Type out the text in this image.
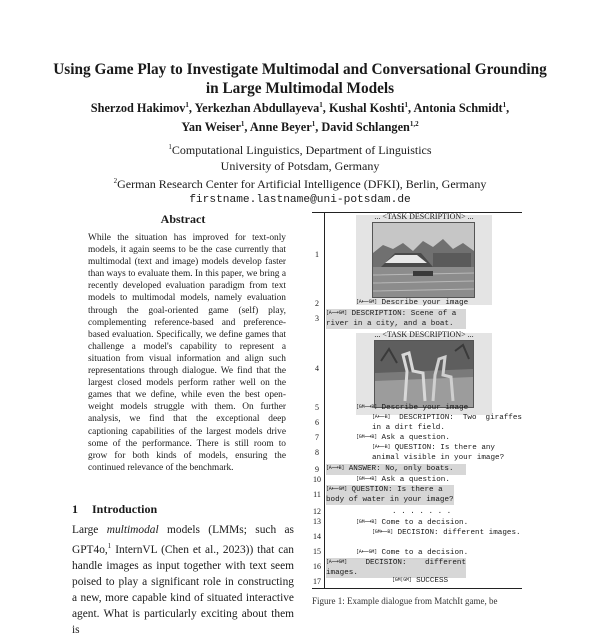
Using Game Play to Investigate Multimodal and Conversational Grounding
in Large Multimodal Models
Sherzod Hakimov$^1$, Yerkezhan Abdullayeva$^1$, Kushal Koshti$^1$, Antonia Schmidt$^1$,
Yan Weiser$^1$, Anne Beyer$^1$, David Schlangen$^{1,2}$
$^1$Computational Linguistics, Department of Linguistics
University of Potsdam, Germany
$^2$German Research Center for Artificial Intelligence (DFKI), Berlin, Germany
firstname.lastname@uni-potsdam.de
Abstract
While the situation has improved for text-only models, it again seems to be the case currently that multimodal (text and image) models develop faster than ways to evaluate them. In this paper, we bring a recently developed evaluation paradigm from text models to multimodal models, namely evaluation through the goal-oriented game (self) play, complementing reference-based and preference-based evaluation. Specifically, we define games that challenge a model's capability to represent a situation from visual information and align such representations through dialogue. We find that the largest closed models perform rather well on the games that we define, while even the best open-weight models struggle with them. On further analysis, we find that the exceptional deep captioning capabilities of the largest models drive some of the performance. There is still room to grow for both kinds of models, ensuring the continued relevance of the benchmark.
1 Introduction
Large multimodal models (LMMs; such as GPT4o,$^1$ InternVL (Chen et al., 2023)) that can handle images as input together with text seem poised to play a significant role in constructing a new, more capable kind of situated interactive agent. What is particularly exciting about them is
... <TASK DESCRIPTION> ...
... <TASK DESCRIPTION> ...
1
2
3
4
5
6
7
8
9
10
11
12
13
14
15
16
17
[A⟵GM] Describe your image
[A⟶GM] DESCRIPTION: Scene of a river in a city, and a boat.
[GM⟶B] Describe your image
[A⟵B] DESCRIPTION: Two giraffes in a dirt field.
[GM⟶B] Ask a question.
[A⟵B] QUESTION: Is there any animal visible in your image?
[A⟶B] ANSWER: No, only boats.
[GM⟶B] Ask a question.
[A⟵GM] QUESTION: Is there a body of water in your image?
. . . . . . .
[GM⟶B] Come to a decision.
[GM⟵B] DECISION: different images.
[A⟵GM] Come to a decision.
[A⟶GM] DECISION: different images.
[GM|GM] SUCCESS
Figure 1: Example dialogue from MatchIt game, be
